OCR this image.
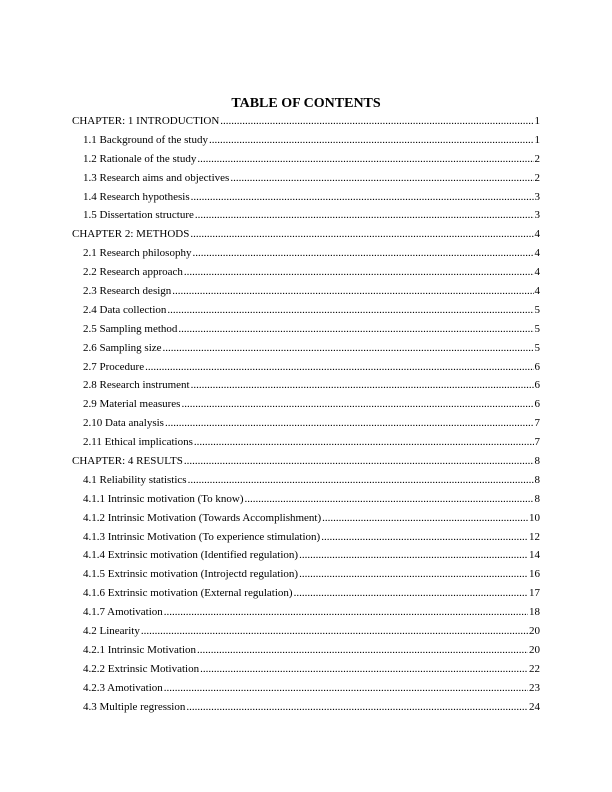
TABLE OF CONTENTS
CHAPTER: 1 INTRODUCTION .....	1
1.1 Background of the study .....	1
1.2 Rationale of the study .....	2
1.3 Research aims and objectives .....	2
1.4 Research hypothesis .....	3
1.5 Dissertation structure .....	3
CHAPTER 2: METHODS .....	4
2.1 Research philosophy .....	4
2.2 Research approach .....	4
2.3 Research design .....	4
2.4 Data collection .....	5
2.5 Sampling method .....	5
2.6 Sampling size .....	5
2.7 Procedure .....	6
2.8 Research instrument .....	6
2.9 Material measures .....	6
2.10 Data analysis .....	7
2.11 Ethical implications .....	7
CHAPTER: 4 RESULTS .....	8
4.1 Reliability statistics .....	8
4.1.1 Intrinsic motivation (To know) .....	8
4.1.2 Intrinsic Motivation (Towards Accomplishment) .....	10
4.1.3 Intrinsic Motivation (To experience stimulation) .....	12
4.1.4 Extrinsic motivation (Identified regulation) .....	14
4.1.5 Extrinsic motivation (Introjectd regulation) .....	16
4.1.6 Extrinsic motivation (External regulation) .....	17
4.1.7 Amotivation .....	18
4.2 Linearity .....	20
4.2.1 Intrinsic Motivation .....	20
4.2.2 Extrinsic Motivation .....	22
4.2.3 Amotivation .....	23
4.3 Multiple regression .....	24
